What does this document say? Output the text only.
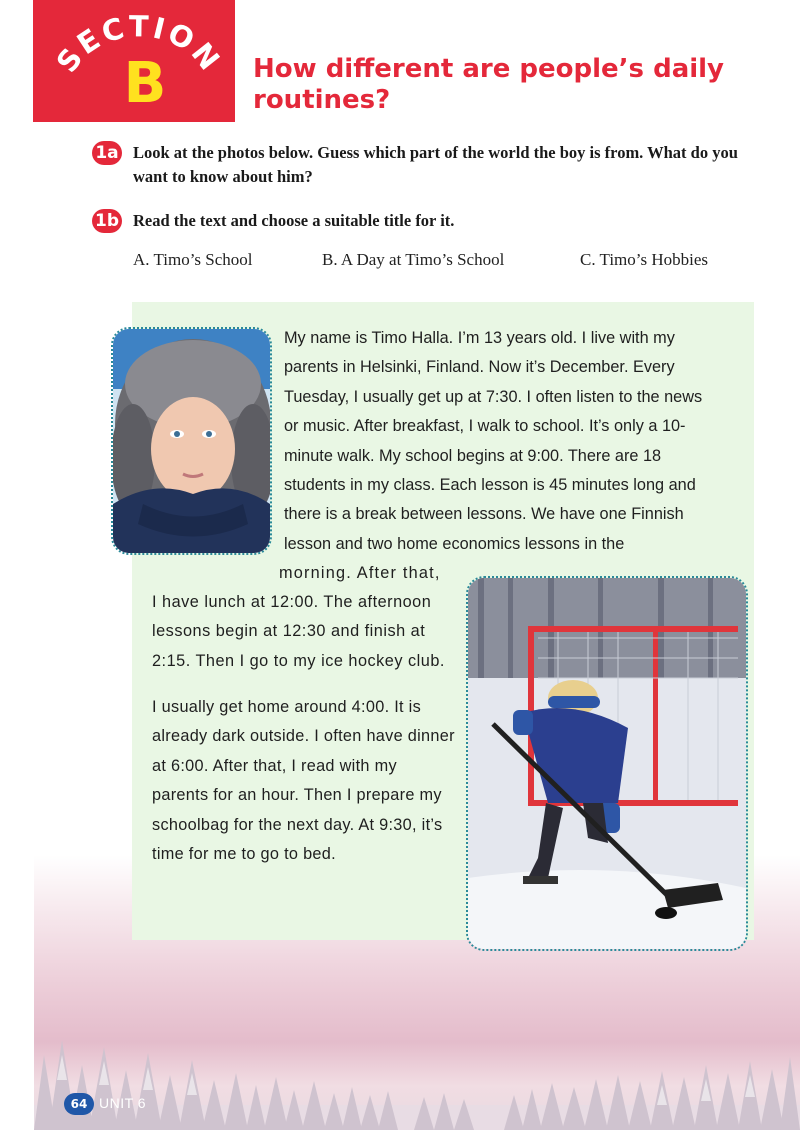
SECTION
B	How different are people’s daily routines?
1a Look at the photos below. Guess which part of the world the boy is from. What do you want to know about him?
1b Read the text and choose a suitable title for it.
A. Timo’s School	B. A Day at Timo’s School	C. Timo’s Hobbies

My name is Timo Halla. I’m 13 years old. I live with my parents in Helsinki, Finland. Now it’s December. Every Tuesday, I usually get up at 7:30. I often listen to the news or music. After breakfast, I walk to school. It’s only a 10-minute walk. My school begins at 9:00. There are 18 students in my class. Each lesson is 45 minutes long and there is a break between lessons. We have one Finnish lesson and two home economics lessons in the

morning. After that,

I have lunch at 12:00. The afternoon lessons begin at 12:30 and finish at 2:15. Then I go to my ice hockey club.

I usually get home around 4:00. It is already dark outside. I often have dinner at 6:00. After that, I read with my parents for an hour. Then I prepare my schoolbag for the next day. At 9:30, it’s time for me to go to bed.

64 UNIT 6
